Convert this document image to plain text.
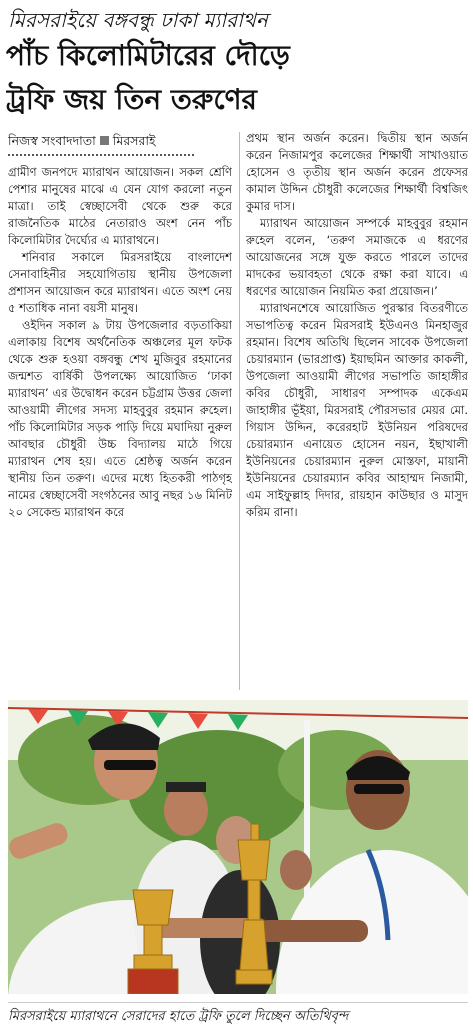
মিরসরাইয়ে বঙ্গবন্ধু ঢাকা ম্যারাথন
পাঁচ কিলোমিটারের দৌড়ে
ট্রফি জয় তিন তরুণের
নিজস্ব সংবাদদাতা মিরসরাই

গ্রামীণ জনপদে ম্যারাথন আয়োজন। সকল শ্রেণি পেশার মানুষের মাঝে এ যেন যোগ করলো নতুন মাত্রা। তাই স্বেচ্ছাসেবী থেকে শুরু করে রাজনৈতিক মাঠের নেতারাও অংশ নেন পাঁচ কিলোমিটার দৈর্ঘ্যের এ ম্যারাথনে।

শনিবার সকালে মিরসরাইয়ে বাংলাদেশ সেনাবাহিনীর সহযোগিতায় স্থানীয় উপজেলা প্রশাসন আয়োজন করে ম্যারাথন। এতে অংশ নেয় ৫ শতাধিক নানা বয়সী মানুষ।

ওইদিন সকাল ৯ টায় উপজেলার বড়তাকিয়া এলাকায় বিশেষ অর্থনৈতিক অঞ্চলের মূল ফটক থেকে শুরু হওয়া বঙ্গবন্ধু শেখ মুজিবুর রহমানের জন্মশত বার্ষিকী উপলক্ষ্যে আয়োজিত ‘ঢাকা ম্যারাথন’ এর উদ্বোধন করেন চট্টগ্রাম উত্তর জেলা আওয়ামী লীগের সদস্য মাহবুবুর রহমান রুহেল। পাঁচ কিলোমিটার সড়ক পাড়ি দিয়ে মঘাদিয়া নুরুল আবছার চৌধুরী উচ্চ বিদ্যালয় মাঠে গিয়ে ম্যারাথন শেষ হয়। এতে শ্রেষ্ঠত্ব অর্জন করেন স্থানীয় তিন তরুণ। এদের মধ্যে হিতকরী পাঠগৃহ নামের স্বেচ্ছাসেবী সংগঠনের আবু নছর ১৬ মিনিট ২০ সেকেন্ড ম্যারাথন করে

প্রথম স্থান অর্জন করেন। দ্বিতীয় স্থান অর্জন করেন নিজামপুর কলেজের শিক্ষার্থী সাখাওয়াত হোসেন ও তৃতীয় স্থান অর্জন করেন প্রফেসর কামাল উদ্দিন চৌধুরী কলেজের শিক্ষার্থী বিশ্বজিৎ কুমার দাস।

ম্যারাথন আয়োজন সম্পর্কে মাহবুবুর রহমান রুহেল বলেন, ‘তরুণ সমাজকে এ ধরণের আয়োজনের সঙ্গে যুক্ত করতে পারলে তাদের মাদকের ভয়াবহতা থেকে রক্ষা করা যাবে। এ ধরণের আয়োজন নিয়মিত করা প্রয়োজন।’

ম্যারাথনশেষে আয়োজিত পুরস্কার বিতরণীতে সভাপতিত্ব করেন মিরসরাই ইউএনও মিনহাজুর রহমান। বিশেষ অতিথি ছিলেন সাবেক উপজেলা চেয়ারম্যান (ভারপ্রাপ্ত) ইয়াছমিন আক্তার কাকলী, উপজেলা আওয়ামী লীগের সভাপতি জাহাঙ্গীর কবির চৌধুরী, সাধারণ সম্পাদক একেএম জাহাঙ্গীর ভূঁইয়া, মিরসরাই পৌরসভার মেয়র মো. গিয়াস উদ্দিন, করেরহাট ইউনিয়ন পরিষদের চেয়ারম্যান এনায়েত হোসেন নয়ন, ইছাখালী ইউনিয়নের চেয়ারম্যান নুরুল মোস্তফা, মায়ানী ইউনিয়নের চেয়ারম্যান কবির আহাম্মদ নিজামী, এম সাইফুল্লাহ দিদার, রায়হান কাউছার ও মাসুদ করিম রানা।

মিরসরাইয়ে ম্যারাথনে সেরাদের হাতে ট্রফি তুলে দিচ্ছেন অতিথিবৃন্দ
